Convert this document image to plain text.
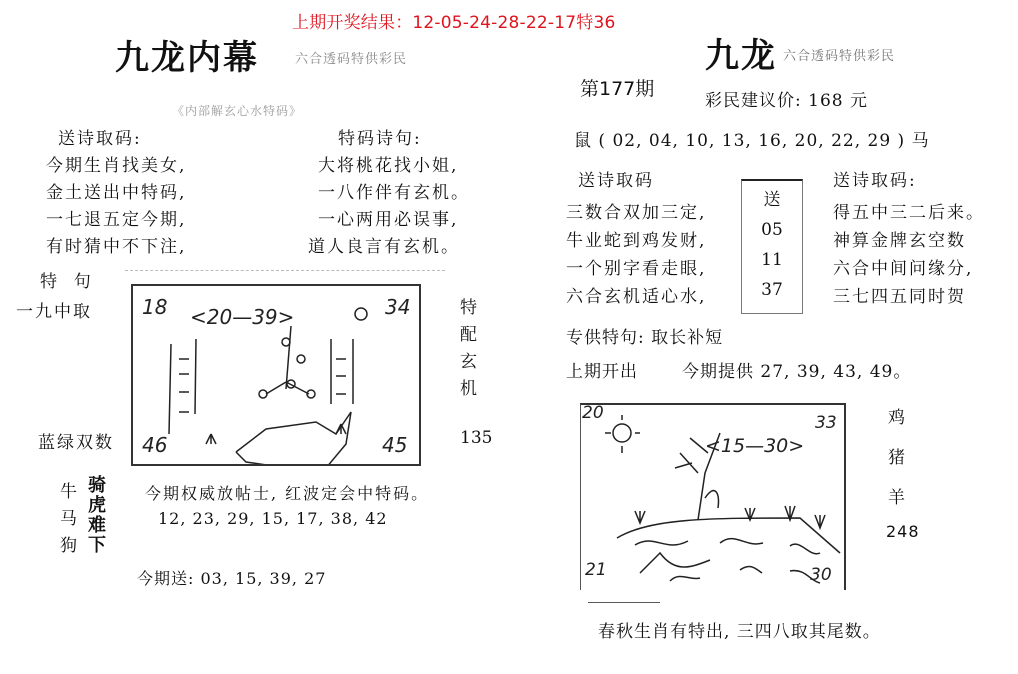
上期开奖结果：12-05-24-28-22-17特36
九龙内幕	六合透码特供彩民
《内部解玄心水特码》
送诗取码:
今期生肖找美女,
金土送出中特码,
一七退五定今期,
有时猜中不下注,
特码诗句:
大将桃花找小姐,
一八作伴有玄机。
一心两用必误事,
道人良言有玄机。
特  句
一九中取
蓝绿双数
18	34
46	45
<20—39>	特
配
玄
机
135
牛
马
狗
骑
虎
难
下
今期权威放帖士, 红波定会中特码。
12, 23, 29, 15, 17, 38, 42
今期送: 03, 15, 39, 27
九龙 六合透码特供彩民
第177期
彩民建议价: 168 元
鼠 ( 02, 04, 10, 13, 16, 20, 22, 29 ) 马
送诗取码
三数合双加三定,
牛业蛇到鸡发财,
一个别字看走眼,
六合玄机适心水,
送
05
11
37
送诗取码:
得五中三二后来。
神算金牌玄空数
六合中间问缘分,
三七四五同时贺
专供特句: 取长补短
上期开出	今期提供 27, 39, 43, 49。
20	33
21	30
<15—30>
鸡
猪
羊
248
春秋生肖有特出, 三四八取其尾数。
